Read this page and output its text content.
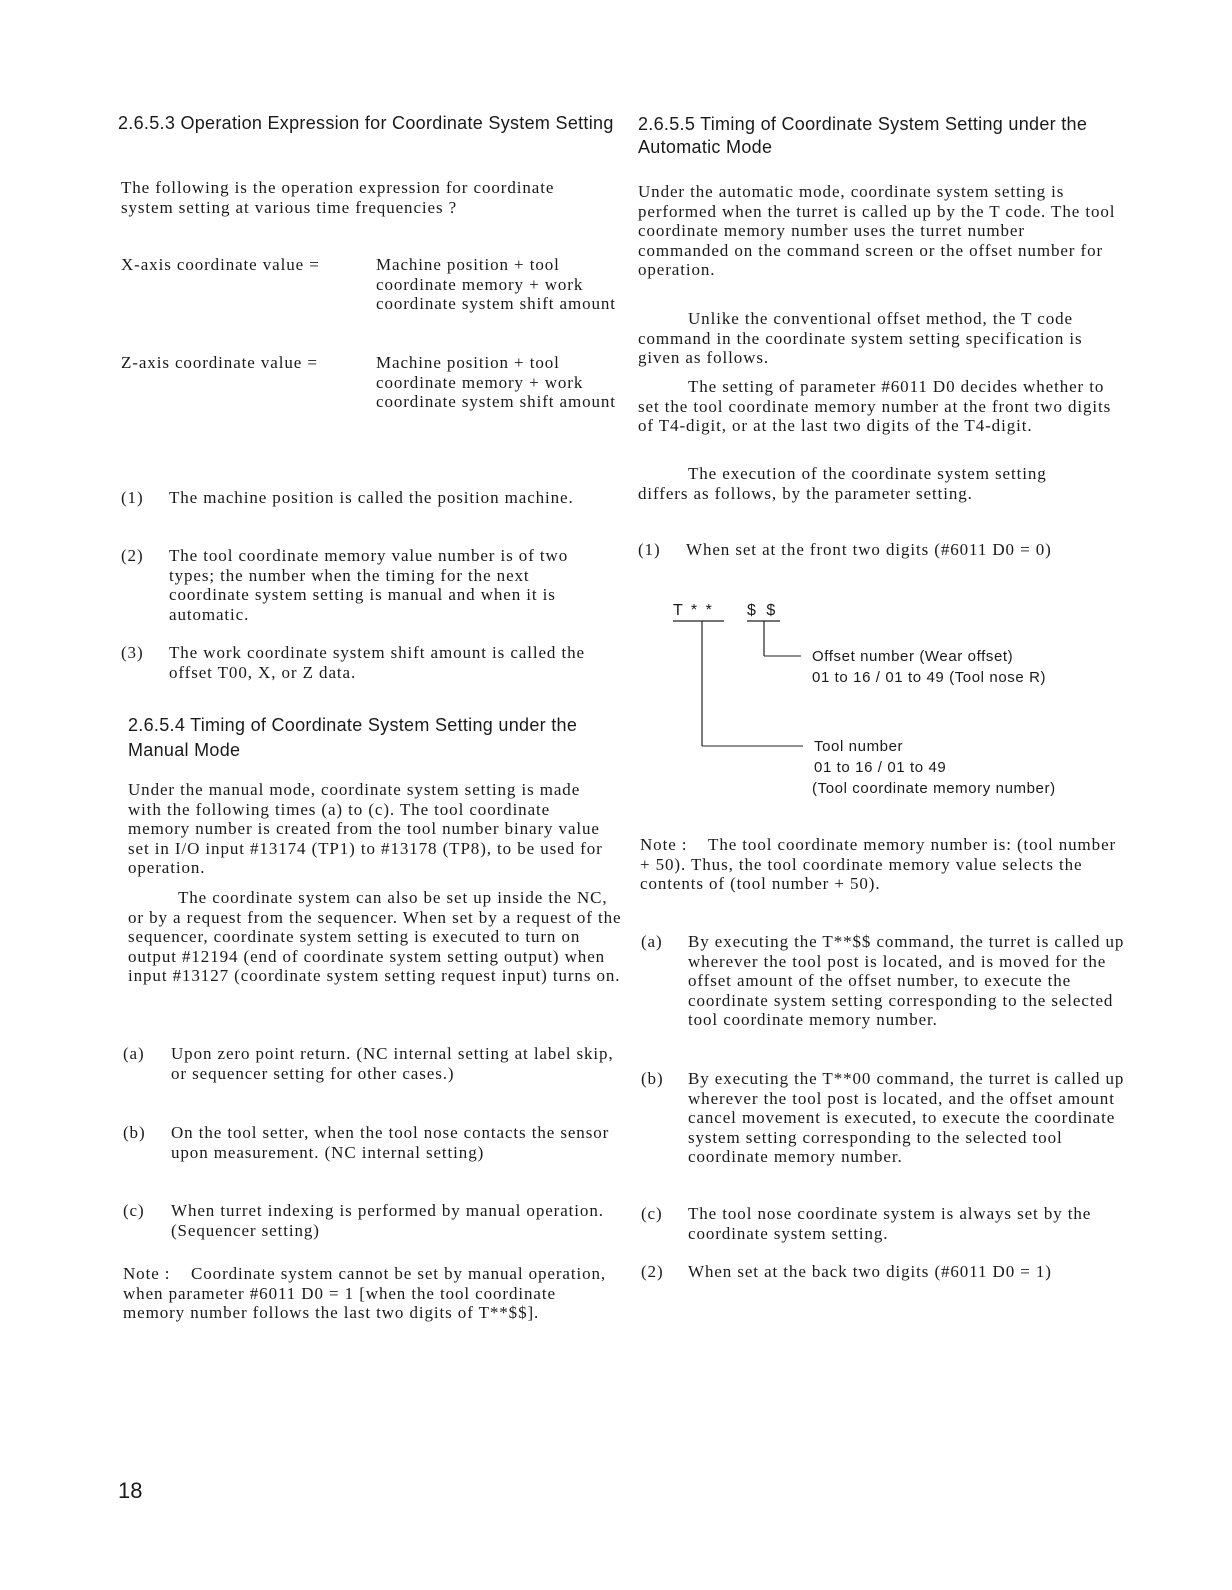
2.6.5.3 Operation Expression for Coordinate System Setting

The following is the operation expression for coordinate system setting at various time frequencies ?

X-axis coordinate value =	Machine position + tool coordinate memory + work coordinate system shift amount
Z-axis coordinate value =	Machine position + tool coordinate memory + work coordinate system shift amount
(1) The machine position is called the position machine.
(2) The tool coordinate memory value number is of two types; the number when the timing for the next coordinate system setting is manual and when it is automatic.
(3) The work coordinate system shift amount is called the offset T00, X, or Z data.
2.6.5.4 Timing of Coordinate System Setting under the Manual Mode

Under the manual mode, coordinate system setting is made with the following times (a) to (c). The tool coordinate memory number is created from the tool number binary value set in I/O input #13174 (TP1) to #13178 (TP8), to be used for operation.

The coordinate system can also be set up inside the NC, or by a request from the sequencer. When set by a request of the sequencer, coordinate system setting is executed to turn on output #12194 (end of coordinate system setting output) when input #13127 (coordinate system setting request input) turns on.

(a) Upon zero point return. (NC internal setting at label skip, or sequencer setting for other cases.)
(b) On the tool setter, when the tool nose contacts the sensor upon measurement. (NC internal setting)
(c) When turret indexing is performed by manual operation. (Sequencer setting)

Note : Coordinate system cannot be set by manual operation, when parameter #6011 D0 = 1 [when the tool coordinate memory number follows the last two digits of T**$$].

2.6.5.5 Timing of Coordinate System Setting under the Automatic Mode

Under the automatic mode, coordinate system setting is performed when the turret is called up by the T code. The tool coordinate memory number uses the turret number commanded on the command screen or the offset number for operation.

Unlike the conventional offset method, the T code command in the coordinate system setting specification is given as follows.

The setting of parameter #6011 D0 decides whether to set the tool coordinate memory number at the front two digits of T4-digit, or at the last two digits of the T4-digit.

The execution of the coordinate system setting differs as follows, by the parameter setting.

(1) When set at the front two digits (#6011 D0 = 0)
T * * $ $
Offset number (Wear offset)
01 to 16 / 01 to 49 (Tool nose R)
Tool number
01 to 16 / 01 to 49
(Tool coordinate memory number)

Note : The tool coordinate memory number is: (tool number + 50). Thus, the tool coordinate memory value selects the contents of (tool number + 50).

(a) By executing the T**$$ command, the turret is called up wherever the tool post is located, and is moved for the offset amount of the offset number, to execute the coordinate system setting corresponding to the selected tool coordinate memory number.
(b) By executing the T**00 command, the turret is called up wherever the tool post is located, and the offset amount cancel movement is executed, to execute the coordinate system setting corresponding to the selected tool coordinate memory number.
(c) The tool nose coordinate system is always set by the coordinate system setting.
(2) When set at the back two digits (#6011 D0 = 1)
18
